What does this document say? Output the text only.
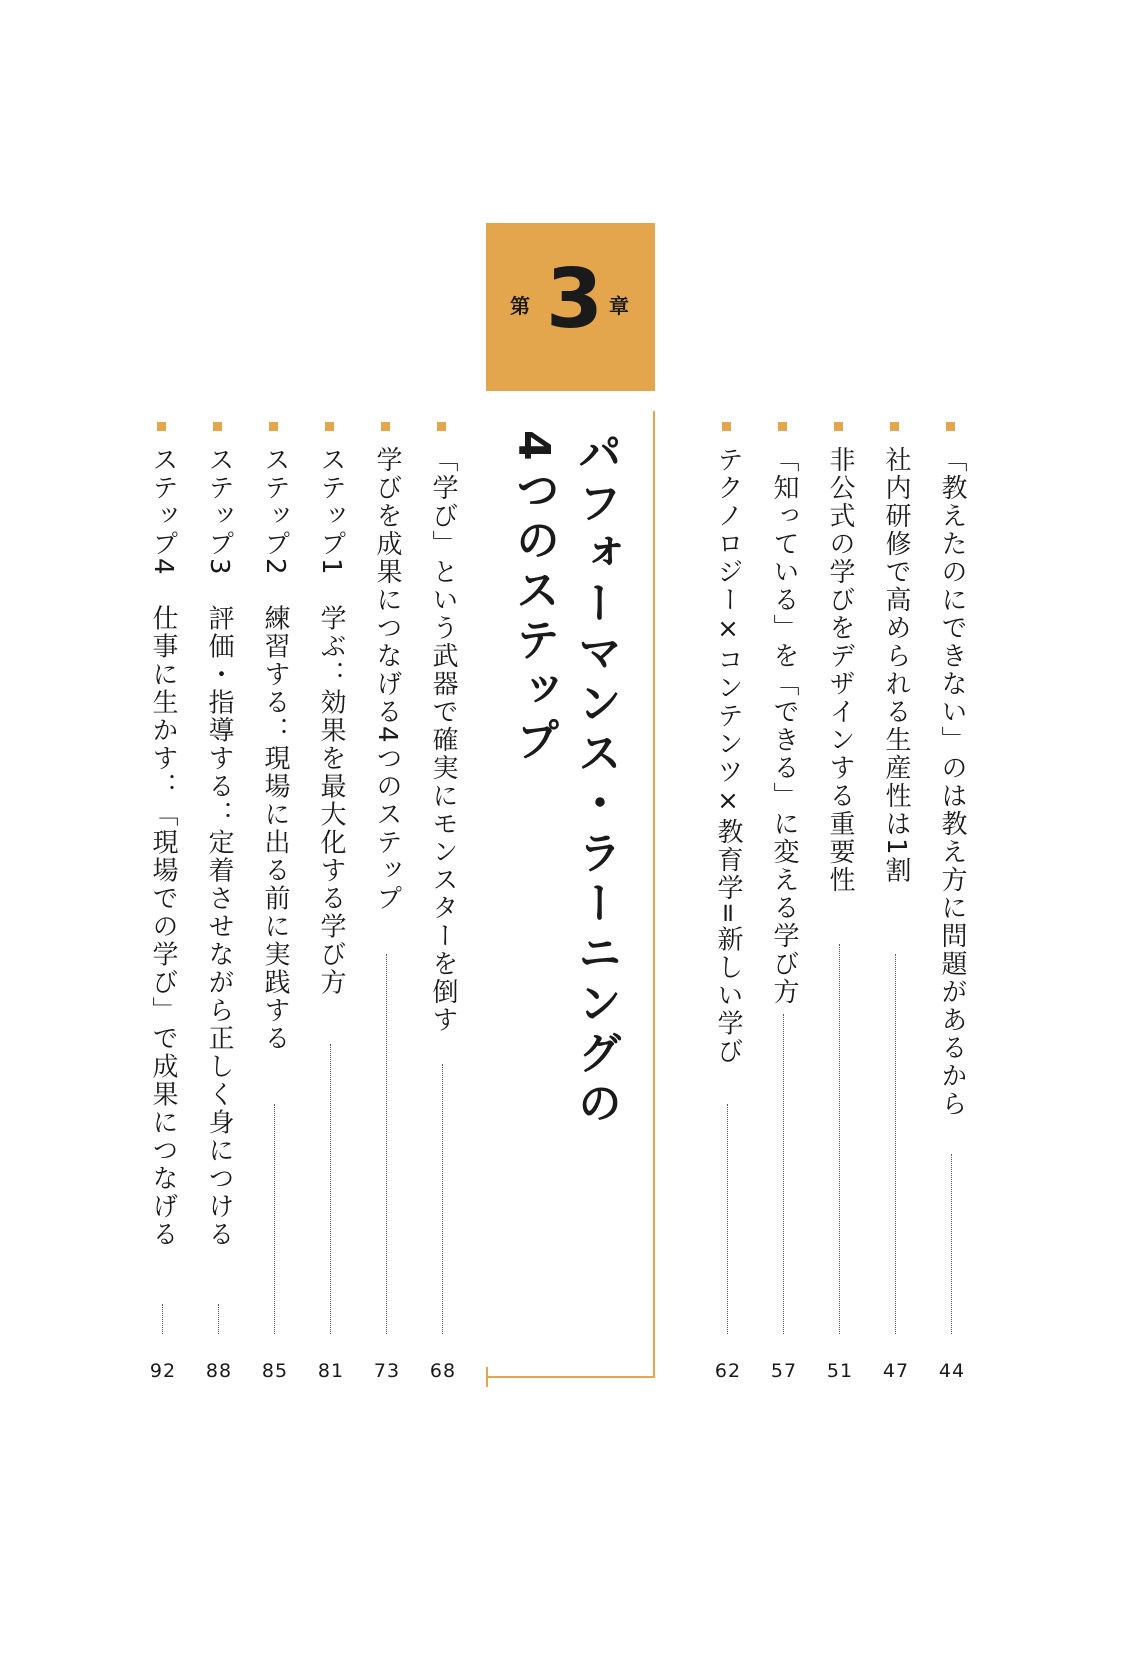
第 3 章
パフォーマンス・ラーニングの
4つのステップ	「教えたのにできない」のは教え方に問題があるから
44
社内研修で高められる生産性は1割
47
非公式の学びをデザインする重要性
51
「知っている」を「できる」に変える学び方
57
テクノロジー×コンテンツ×教育学=新しい学び
62
「学び」という武器で確実にモンスターを倒す
68
学びを成果につなげる4つのステップ
73
ステップ1　学ぶ：効果を最大化する学び方
81
ステップ2　練習する：現場に出る前に実践する
85
ステップ3　評価・指導する：定着させながら正しく身につける
88
ステップ4　仕事に生かす：「現場での学び」で成果につなげる
92
